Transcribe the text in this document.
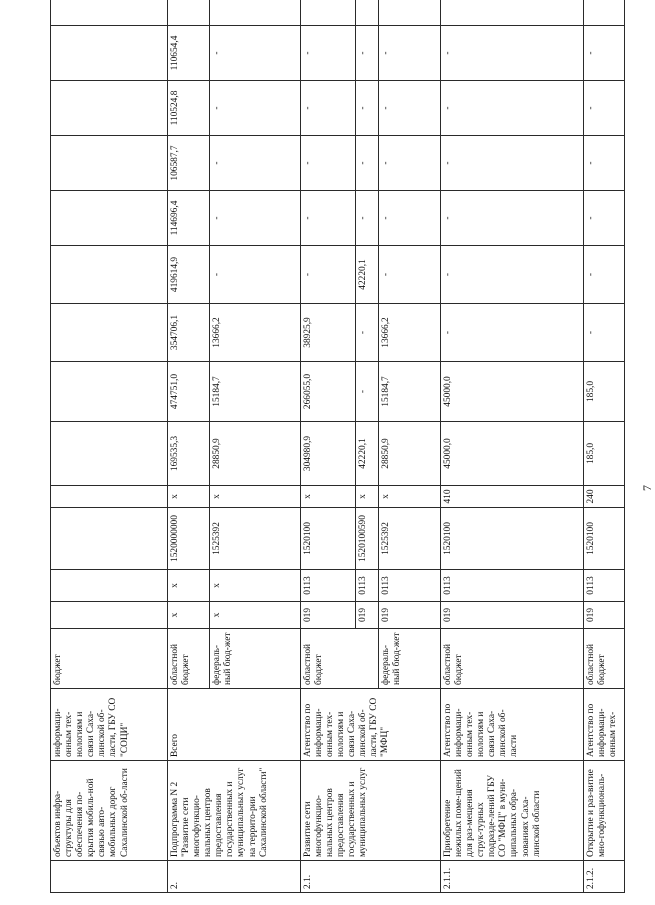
	объектов инфра-структуры для обеспечения по-крытия мобиль-ной связью авто-мобильных дорог Сахалинской об-ласти	информаци-онным тех-нологиям и связи Саха-линской об-ласти, ГБУ СО "СОЦИ"	бюджет													
2.	Подпрограмма N 2 "Развитие сети многофункцио-нальных центров предоставления государственных и муниципальных услуг на террито-рии Сахалинской области"	Всего	областной бюджет	х	х	1520000000	х	169535,3	474751,0	354706,1	419614,9	114696,4	106587,7	110524,8	110654,4	
			федераль-ный бюд-жет	х	х	1525392	х	28850,9	15184,7	13666,2	-	-	-	-	-	
2.1.	Развитие сети многофункцио-нальных центров предоставления государственных и муниципальных услуг	Агентство по информаци-онным тех-нологиям и связи Саха-линской об-ласти, ГБУ СО "МФЦ"	областной бюджет	019	0113	1520100	х	304980,9	266055,0	38925,9	-	-	-	-	-	
				019	0113	1520100590	х	42220,1	-	-	42220,1	-	-	-	-	
			федераль-ный бюд-жет	019	0113	1525392	х	28850,9	15184,7	13666,2	-	-	-	-	-	
2.1.1.	Приобретение нежилых поме-щений для раз-мещения струк-турных подразде-лений ГБУ СО "МФЦ" в муни-ципальных обра-зованиях Саха-линской области	Агентство по информаци-онным тех-нологиям и связи Саха-линской об-ласти	областной бюджет	019	0113	1520100	410	45000,0	45000,0	-	-	-	-	-	-	
2.1.2.	Открытие и раз-витие мно-гофункциональ-	Агентство по информаци-онным тех-	областной бюджет	019	0113	1520100	240	185,0	185,0	-	-	-	-	-	-	
7
